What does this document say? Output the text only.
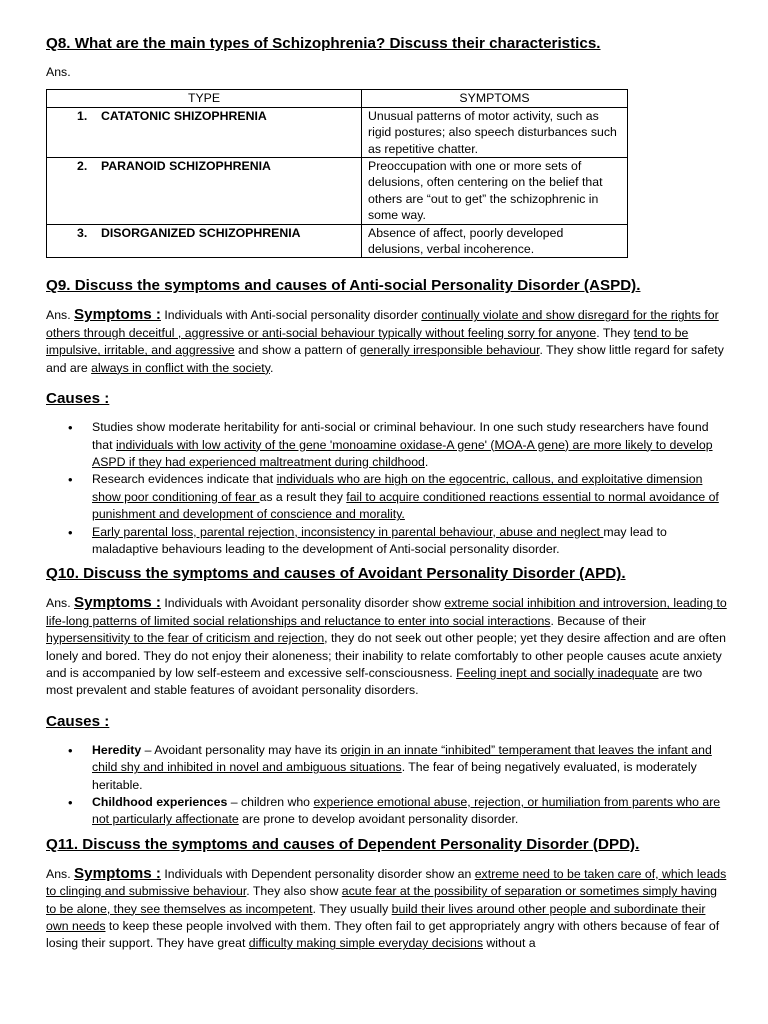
Q8. What are the main types of Schizophrenia? Discuss their characteristics.

Ans.

TYPE	SYMPTOMS
1. CATATONIC SHIZOPHRENIA	Unusual patterns of motor activity, such as rigid postures; also speech disturbances such as repetitive chatter.
2. PARANOID SCHIZOPHRENIA	Preoccupation with one or more sets of delusions, often centering on the belief that others are “out to get” the schizophrenic in some way.
3. DISORGANIZED SCHIZOPHRENIA	Absence of affect, poorly developed delusions, verbal incoherence.

Q9. Discuss the symptoms and causes of Anti-social Personality Disorder (ASPD).

Ans. Symptoms : Individuals with Anti-social personality disorder continually violate and show disregard for the rights for others through deceitful , aggressive or anti-social behaviour typically without feeling sorry for anyone. They tend to be impulsive, irritable, and aggressive and show a pattern of generally irresponsible behaviour. They show little regard for safety and are always in conflict with the society.

Causes :

• Studies show moderate heritability for anti-social or criminal behaviour. In one such study researchers have found that individuals with low activity of the gene 'monoamine oxidase-A gene' (MOA-A gene) are more likely to develop ASPD if they had experienced maltreatment during childhood.
• Research evidences indicate that individuals who are high on the egocentric, callous, and exploitative dimension show poor conditioning of fear as a result they fail to acquire conditioned reactions essential to normal avoidance of punishment and development of conscience and morality.
• Early parental loss, parental rejection, inconsistency in parental behaviour, abuse and neglect may lead to maladaptive behaviours leading to the development of Anti-social personality disorder.

Q10. Discuss the symptoms and causes of Avoidant Personality Disorder (APD).

Ans. Symptoms : Individuals with Avoidant personality disorder show extreme social inhibition and introversion, leading to life-long patterns of limited social relationships and reluctance to enter into social interactions. Because of their hypersensitivity to the fear of criticism and rejection, they do not seek out other people; yet they desire affection and are often lonely and bored. They do not enjoy their aloneness; their inability to relate comfortably to other people causes acute anxiety and is accompanied by low self-esteem and excessive self-consciousness. Feeling inept and socially inadequate are two most prevalent and stable features of avoidant personality disorders.

Causes :

• Heredity – Avoidant personality may have its origin in an innate “inhibited” temperament that leaves the infant and child shy and inhibited in novel and ambiguous situations. The fear of being negatively evaluated, is moderately heritable.
• Childhood experiences – children who experience emotional abuse, rejection, or humiliation from parents who are not particularly affectionate are prone to develop avoidant personality disorder.

Q11. Discuss the symptoms and causes of Dependent Personality Disorder (DPD).

Ans. Symptoms : Individuals with Dependent personality disorder show an extreme need to be taken care of, which leads to clinging and submissive behaviour. They also show acute fear at the possibility of separation or sometimes simply having to be alone, they see themselves as incompetent. They usually build their lives around other people and subordinate their own needs to keep these people involved with them. They often fail to get appropriately angry with others because of fear of losing their support. They have great difficulty making simple everyday decisions without a
